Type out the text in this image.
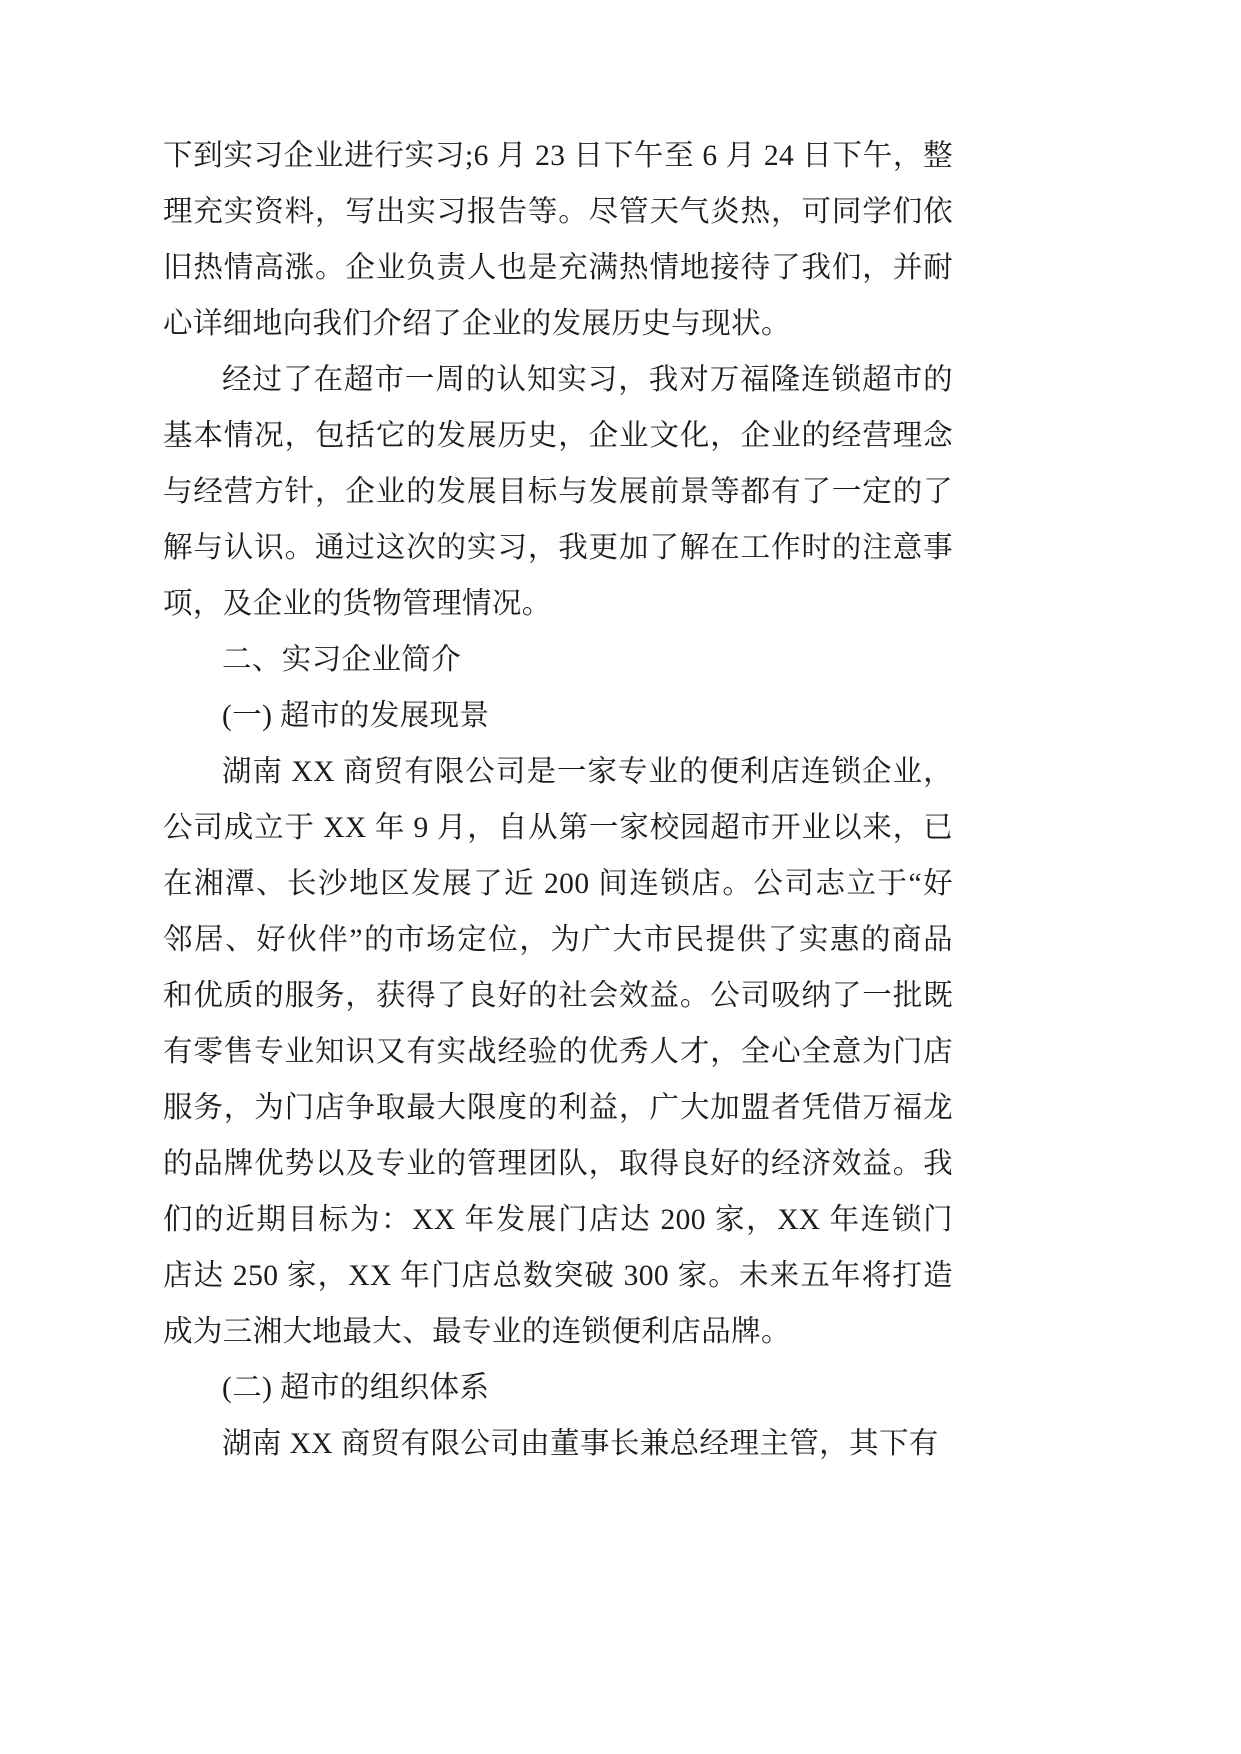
下到实习企业进行实习;6 月 23 日下午至 6 月 24 日下午，整理充实资料，写出实习报告等。尽管天气炎热，可同学们依旧热情高涨。企业负责人也是充满热情地接待了我们，并耐心详细地向我们介绍了企业的发展历史与现状。

经过了在超市一周的认知实习，我对万福隆连锁超市的基本情况，包括它的发展历史，企业文化，企业的经营理念与经营方针，企业的发展目标与发展前景等都有了一定的了解与认识。通过这次的实习，我更加了解在工作时的注意事项，及企业的货物管理情况。

二、实习企业简介

(一) 超市的发展现景

湖南 XX 商贸有限公司是一家专业的便利店连锁企业，公司成立于 XX 年 9 月，自从第一家校园超市开业以来，已在湘潭、长沙地区发展了近 200 间连锁店。公司志立于“好邻居、好伙伴”的市场定位，为广大市民提供了实惠的商品和优质的服务，获得了良好的社会效益。公司吸纳了一批既有零售专业知识又有实战经验的优秀人才，全心全意为门店服务，为门店争取最大限度的利益，广大加盟者凭借万福龙的品牌优势以及专业的管理团队，取得良好的经济效益。我们的近期目标为：XX 年发展门店达 200 家，XX 年连锁门店达 250 家，XX 年门店总数突破 300 家。未来五年将打造成为三湘大地最大、最专业的连锁便利店品牌。

(二) 超市的组织体系

湖南 XX 商贸有限公司由董事长兼总经理主管，其下有
